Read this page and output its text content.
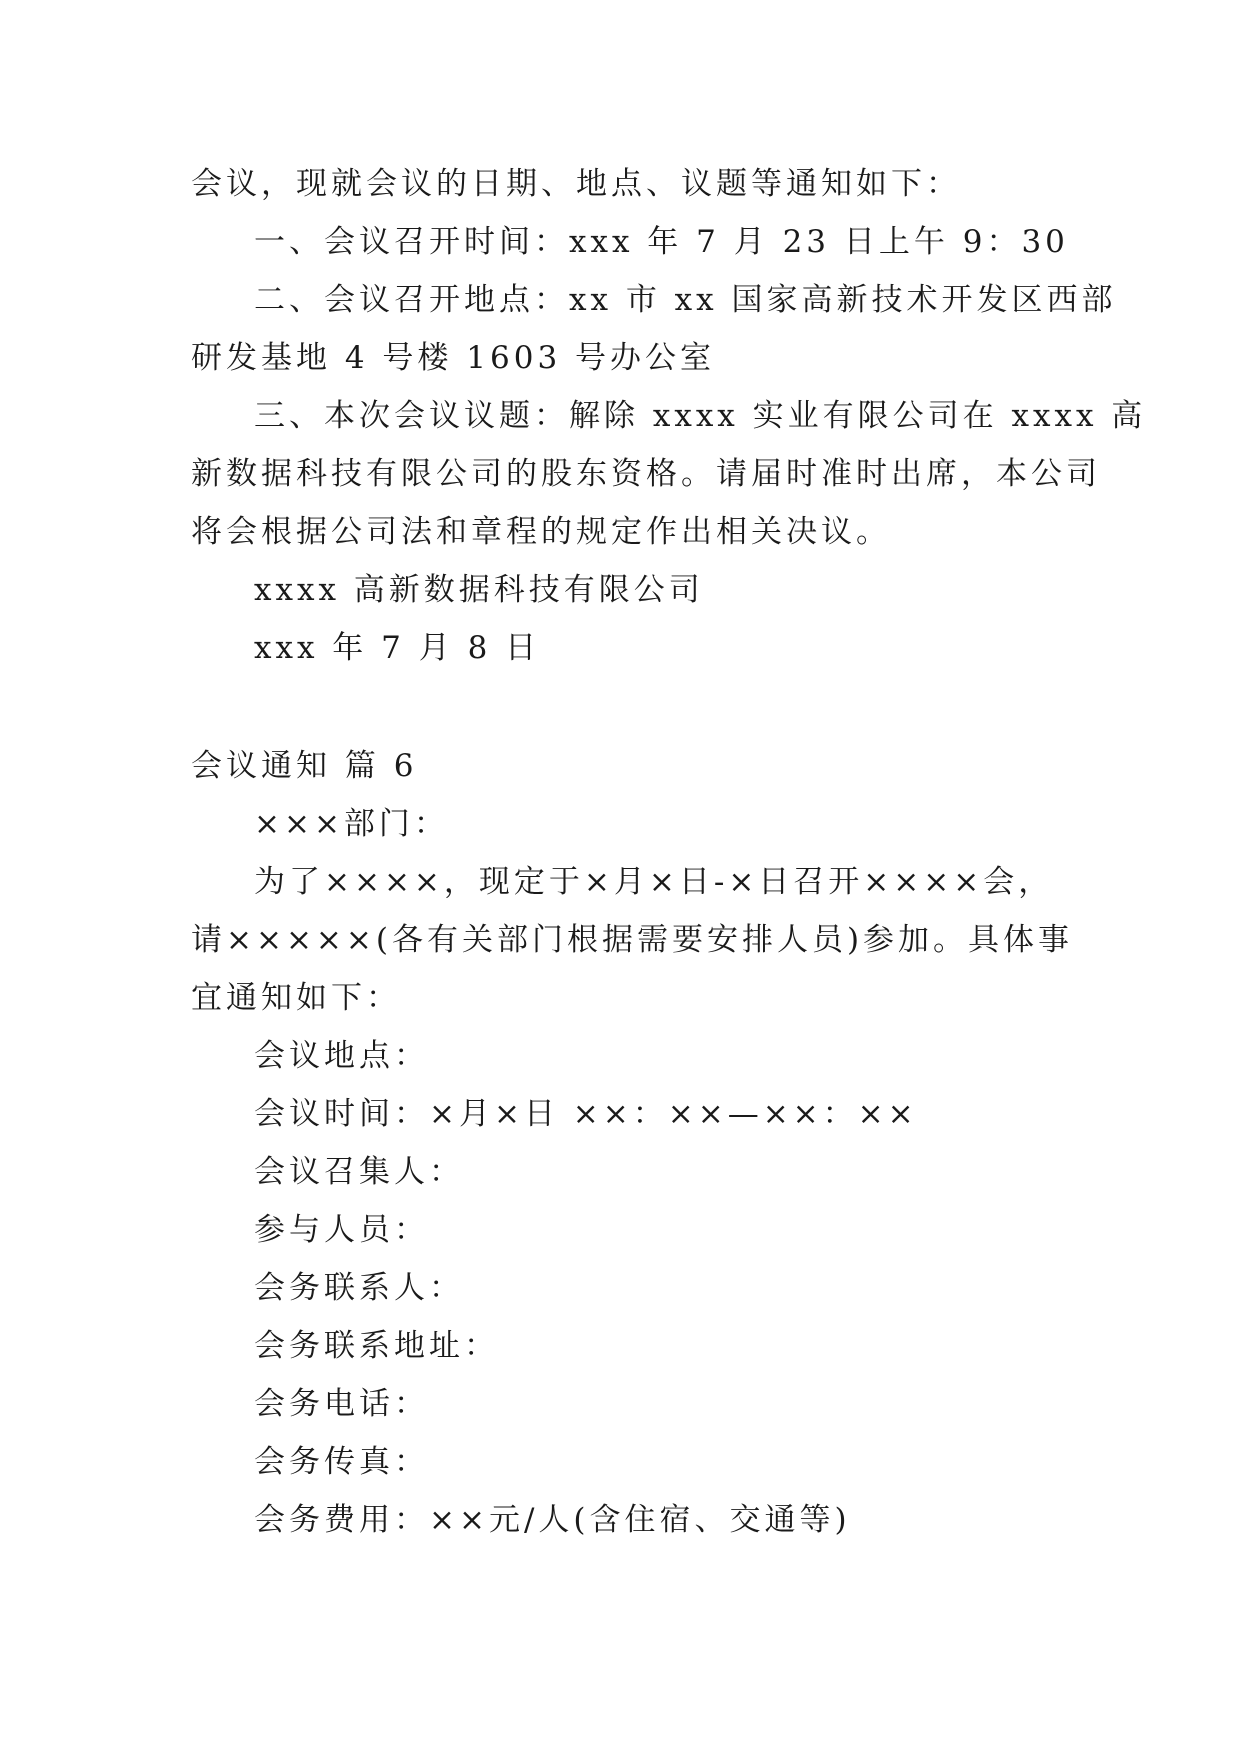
会议，现就会议的日期、地点、议题等通知如下：
一、会议召开时间：xxx 年 7 月 23 日上午 9：30
二、会议召开地点：xx 市 xx 国家高新技术开发区西部
研发基地 4 号楼 1603 号办公室
三、本次会议议题：解除 xxxx 实业有限公司在 xxxx 高
新数据科技有限公司的股东资格。请届时准时出席，本公司
将会根据公司法和章程的规定作出相关决议。
xxxx 高新数据科技有限公司
xxx 年 7 月 8 日
会议通知 篇 6
×××部门：
为了××××，现定于×月×日-×日召开××××会，
请×××××(各有关部门根据需要安排人员)参加。具体事
宜通知如下：
会议地点：
会议时间：×月×日 ××：××—××：××
会议召集人：
参与人员：
会务联系人：
会务联系地址：
会务电话：
会务传真：
会务费用：××元/人(含住宿、交通等)
